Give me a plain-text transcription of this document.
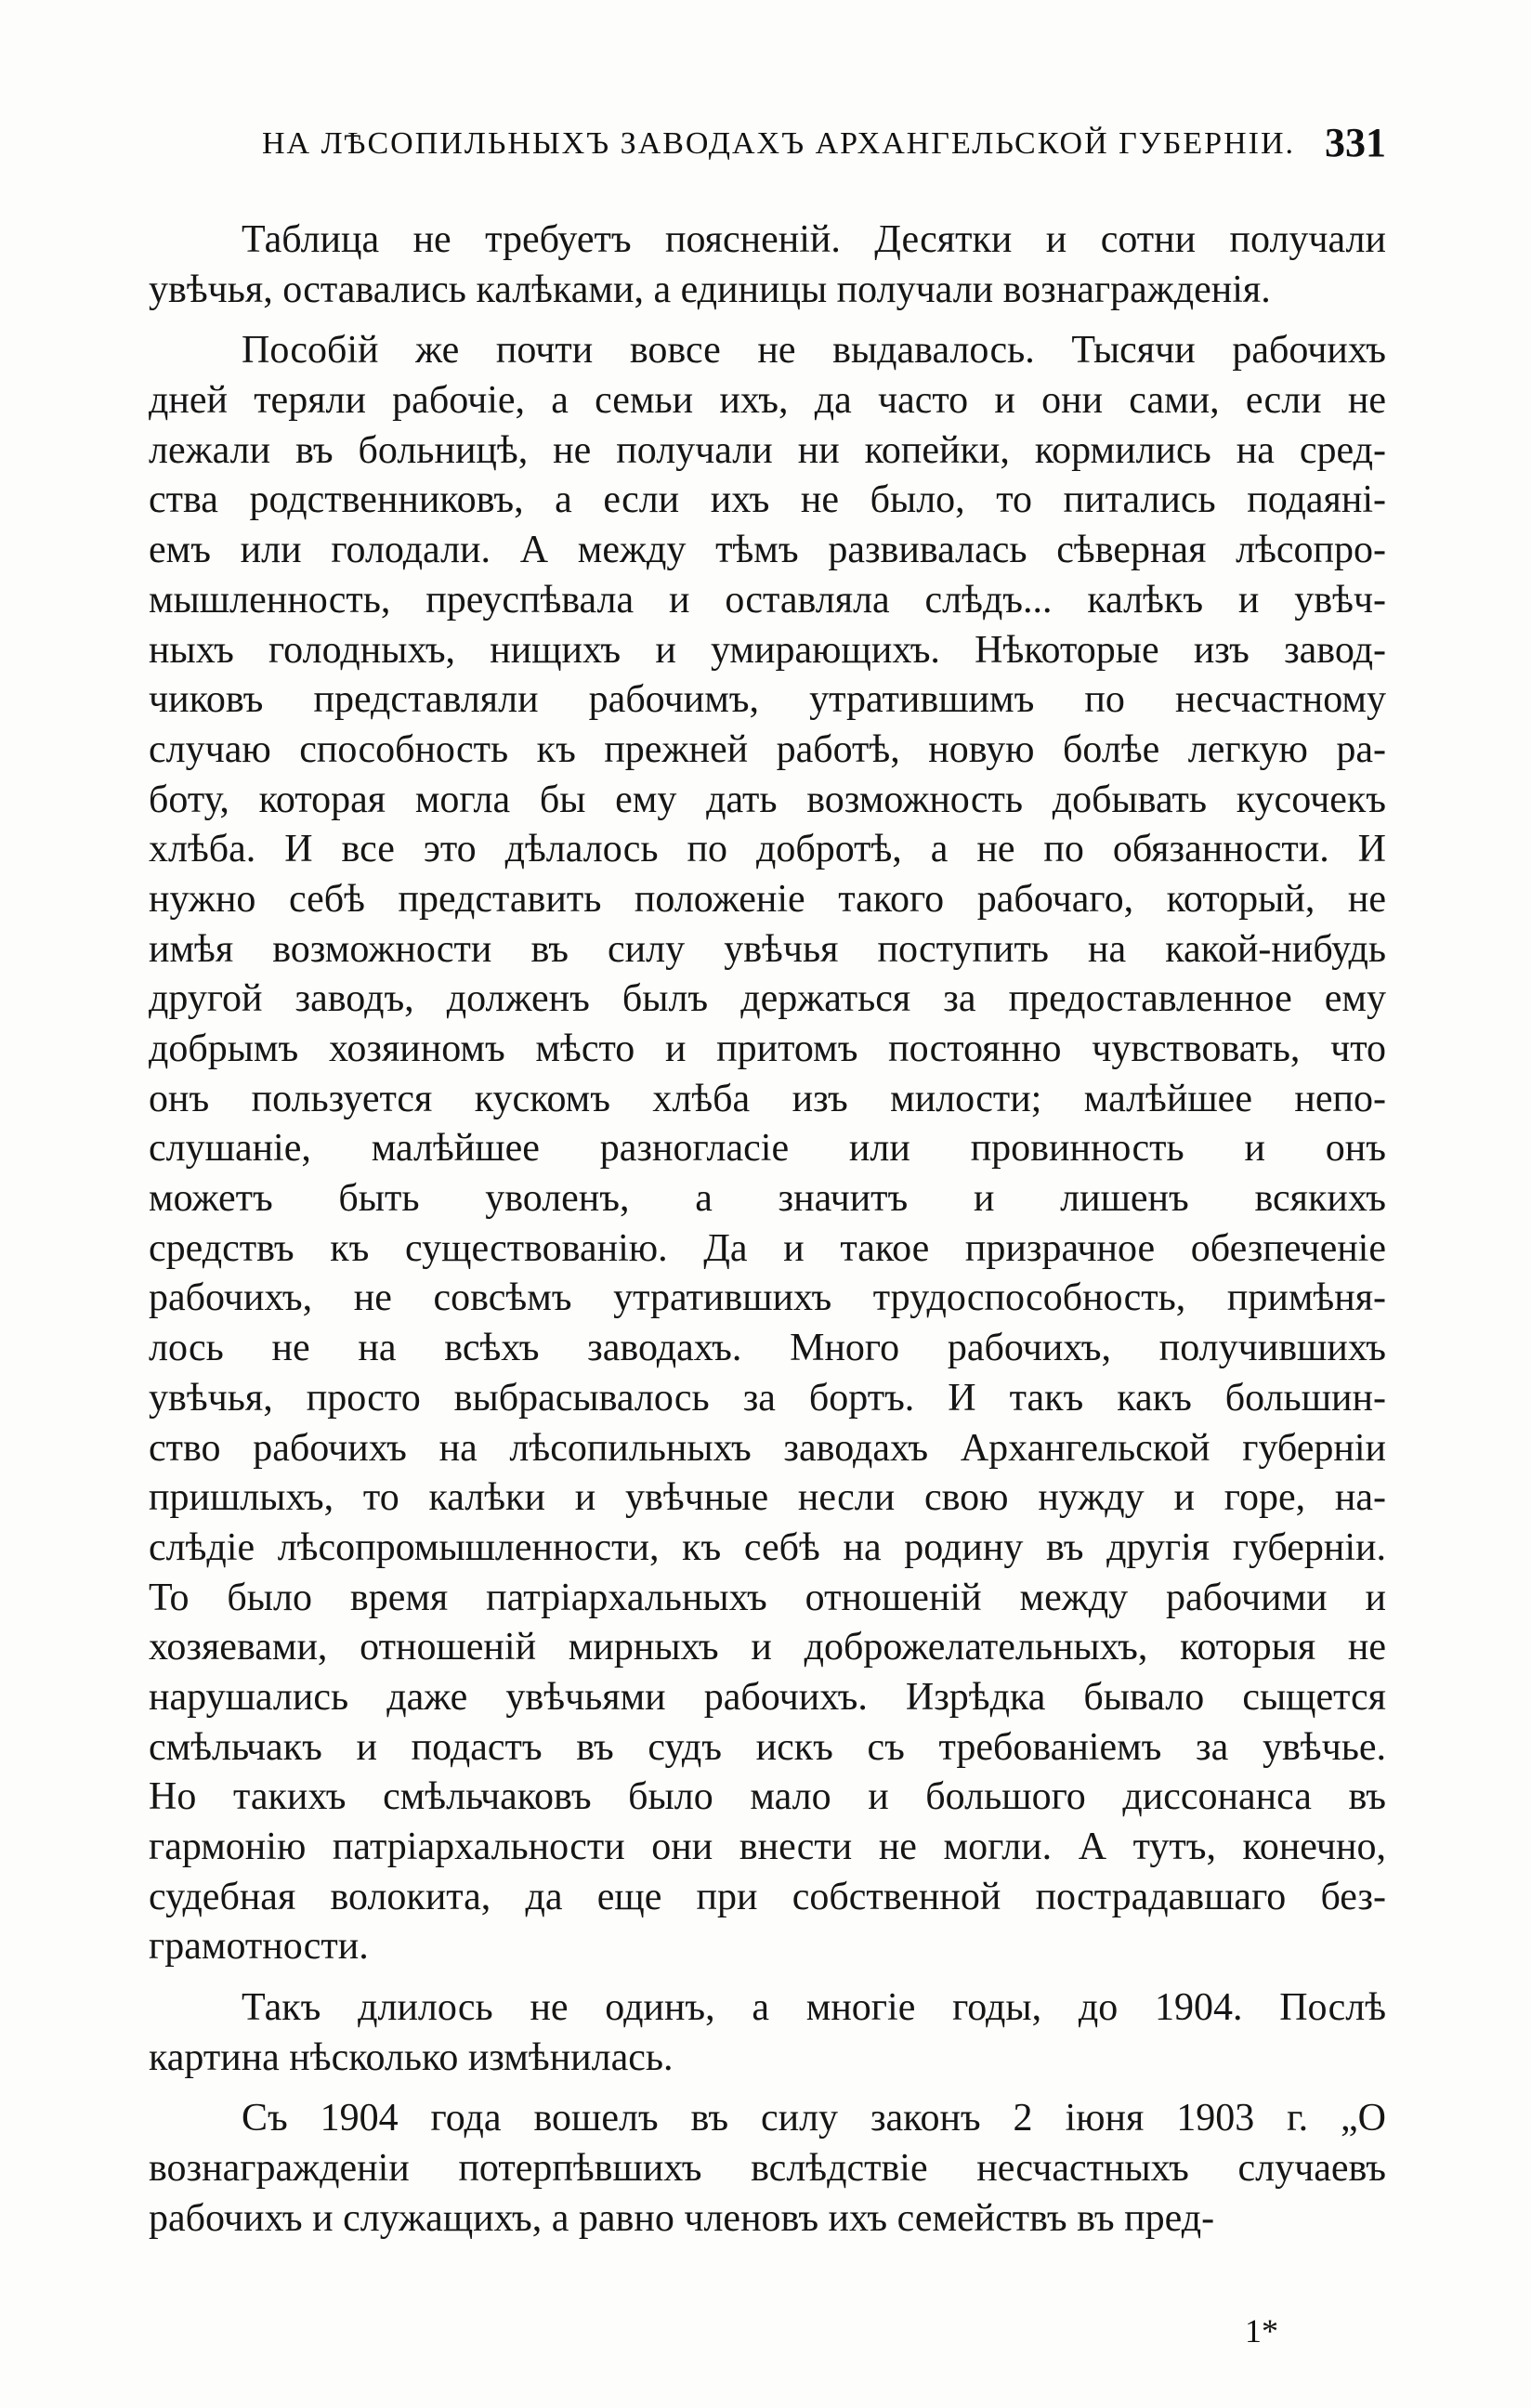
НА ЛѢСОПИЛЬНЫХЪ ЗАВОДАХЪ АРХАНГЕЛЬСКОЙ ГУБЕРНІИ. 331
Таблица не требуетъ поясненій. Десятки и сотни получали
увѣчья, оставались калѣками, а единицы получали вознагражденія.
Пособій же почти вовсе не выдавалось. Тысячи рабочихъ
дней теряли рабочіе, а семьи ихъ, да часто и они сами, если не
лежали въ больницѣ, не получали ни копейки, кормились на сред-
ства родственниковъ, а если ихъ не было, то питались подаяні-
емъ или голодали. А между тѣмъ развивалась сѣверная лѣсопро-
мышленность, преуспѣвала и оставляла слѣдъ... калѣкъ и увѣч-
ныхъ голодныхъ, нищихъ и умирающихъ. Нѣкоторые изъ завод-
чиковъ представляли рабочимъ, утратившимъ по несчастному
случаю способность къ прежней работѣ, новую болѣе легкую ра-
боту, которая могла бы ему дать возможность добывать кусочекъ
хлѣба. И все это дѣлалось по добротѣ, а не по обязанности. И
нужно себѣ представить положеніе такого рабочаго, который, не
имѣя возможности въ силу увѣчья поступить на какой-нибудь
другой заводъ, долженъ былъ держаться за предоставленное ему
добрымъ хозяиномъ мѣсто и притомъ постоянно чувствовать, что
онъ пользуется кускомъ хлѣба изъ милости; малѣйшее непо-
слушаніе, малѣйшее разногласіе или провинность и онъ
можетъ быть уволенъ, а значитъ и лишенъ всякихъ
средствъ къ существованію. Да и такое призрачное обезпеченіе
рабочихъ, не совсѣмъ утратившихъ трудоспособность, примѣня-
лось не на всѣхъ заводахъ. Много рабочихъ, получившихъ
увѣчья, просто выбрасывалось за бортъ. И такъ какъ большин-
ство рабочихъ на лѣсопильныхъ заводахъ Архангельской губерніи
пришлыхъ, то калѣки и увѣчные несли свою нужду и горе, на-
слѣдіе лѣсопромышленности, къ себѣ на родину въ другія губерніи.
То было время патріархальныхъ отношеній между рабочими и
хозяевами, отношеній мирныхъ и доброжелательныхъ, которыя не
нарушались даже увѣчьями рабочихъ. Изрѣдка бывало сыщется
смѣльчакъ и подастъ въ судъ искъ съ требованіемъ за увѣчье.
Но такихъ смѣльчаковъ было мало и большого диссонанса въ
гармонію патріархальности они внести не могли. А тутъ, конечно,
судебная волокита, да еще при собственной пострадавшаго без-
грамотности.
Такъ длилось не одинъ, а многіе годы, до 1904. Послѣ
картина нѣсколько измѣнилась.
Съ 1904 года вошелъ въ силу законъ 2 іюня 1903 г. „О
вознагражденіи потерпѣвшихъ вслѣдствіе несчастныхъ случаевъ
рабочихъ и служащихъ, а равно членовъ ихъ семействъ въ пред-
1*
